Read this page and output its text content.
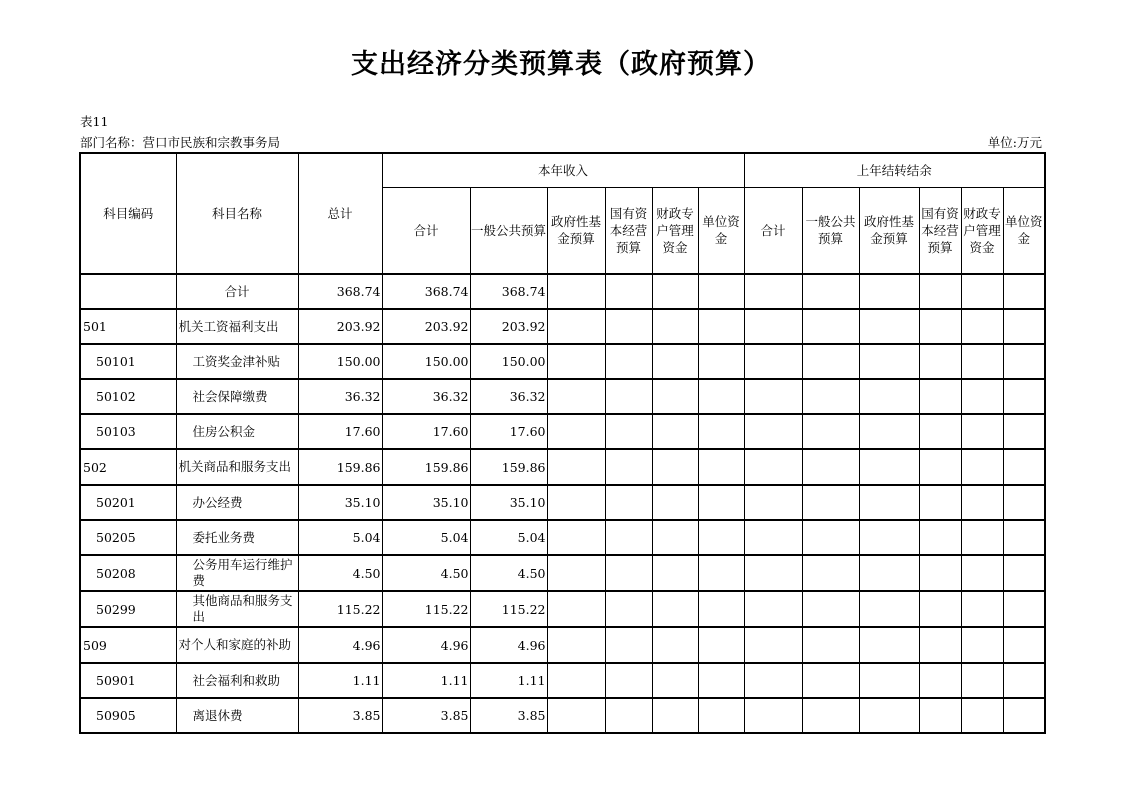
支出经济分类预算表（政府预算）
表11
部门名称：营口市民族和宗教事务局	单位:万元
科目编码	科目名称	总计	本年收入						上年结转结余					
			合计	一般公共预算	政府性基金预算	国有资本经营预算	财政专户管理资金	单位资金	合计	一般公共预算	政府性基金预算	国有资本经营预算	财政专户管理资金	单位资金
	合计	368.74	368.74	368.74										
501	机关工资福利支出	203.92	203.92	203.92										
50101	工资奖金津补贴	150.00	150.00	150.00										
50102	社会保障缴费	36.32	36.32	36.32										
50103	住房公积金	17.60	17.60	17.60										
502	机关商品和服务支出	159.86	159.86	159.86										
50201	办公经费	35.10	35.10	35.10										
50205	委托业务费	5.04	5.04	5.04										
50208	公务用车运行维护费	4.50	4.50	4.50										
50299	其他商品和服务支出	115.22	115.22	115.22										
509	对个人和家庭的补助	4.96	4.96	4.96										
50901	社会福利和救助	1.11	1.11	1.11										
50905	离退休费	3.85	3.85	3.85										
